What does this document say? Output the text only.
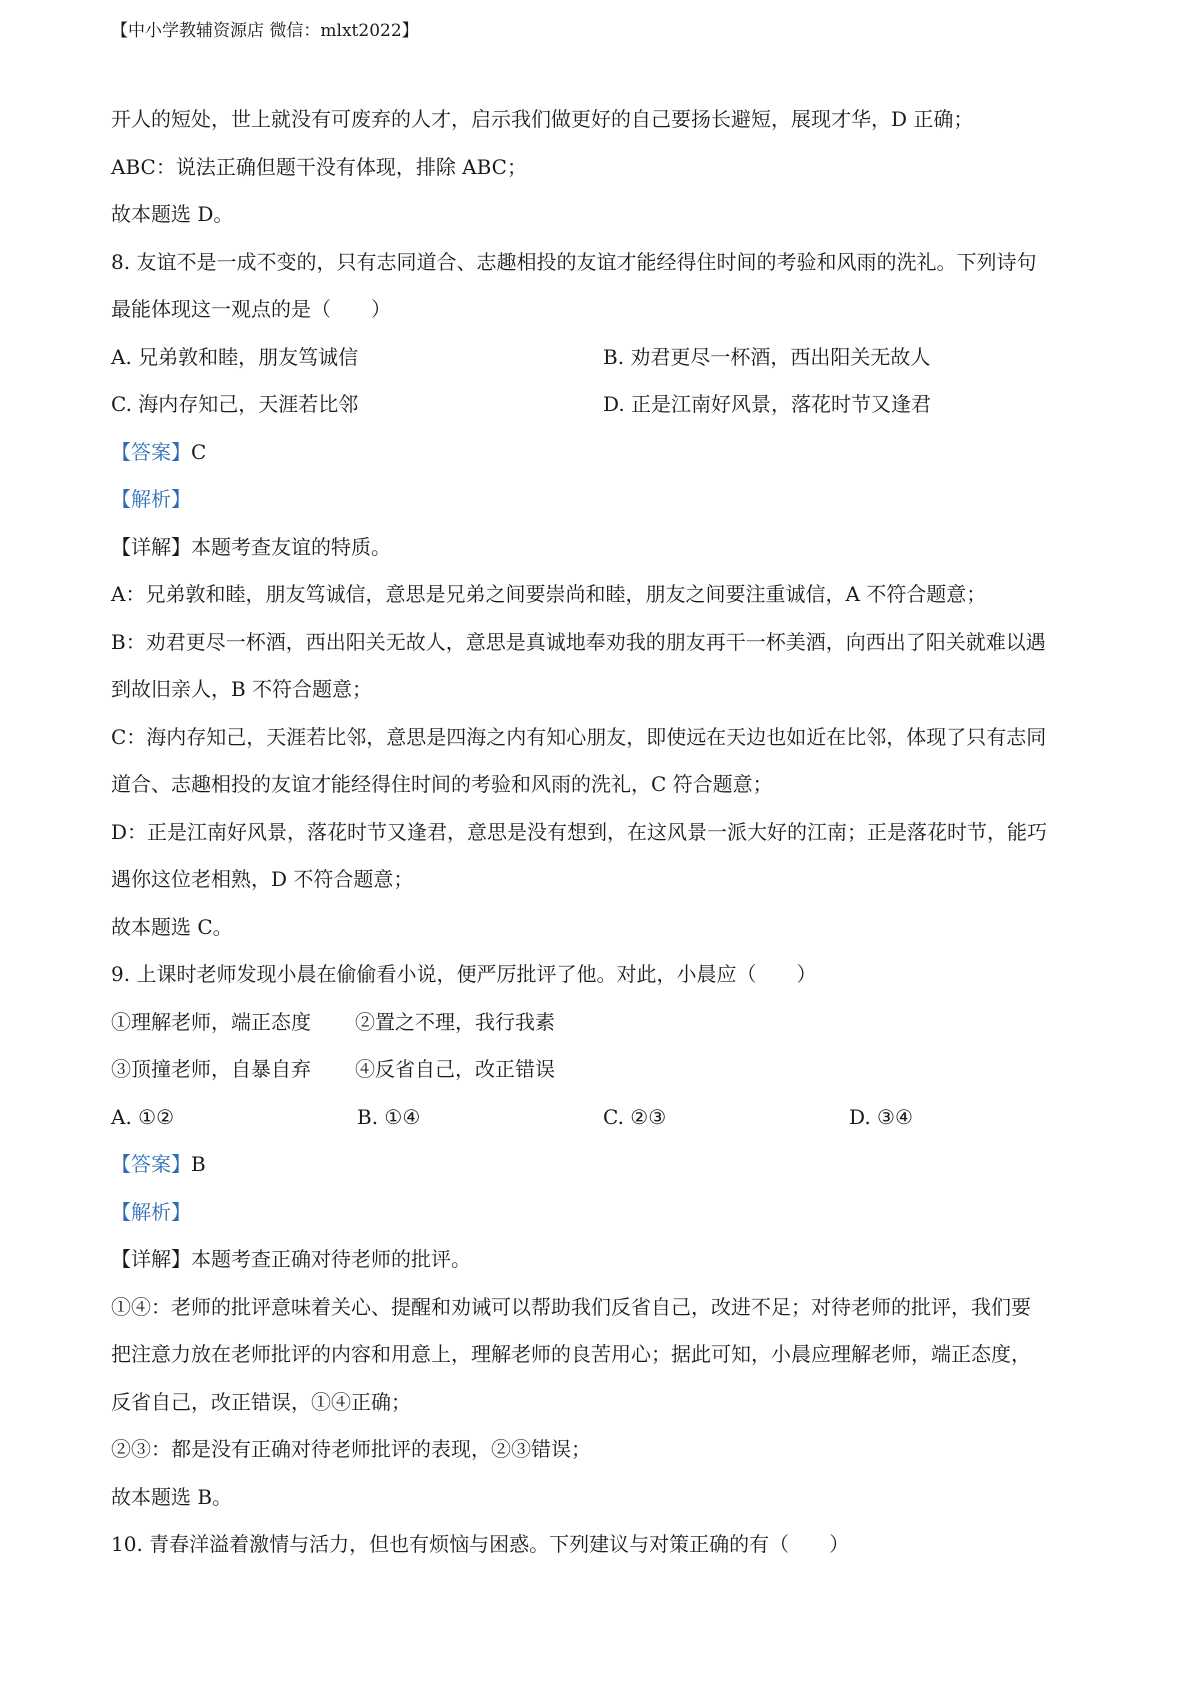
【中小学教辅资源店 微信：mlxt2022】
开人的短处，世上就没有可废弃的人才，启示我们做更好的自己要扬长避短，展现才华，D 正确；
ABC：说法正确但题干没有体现，排除 ABC；
故本题选 D。
8. 友谊不是一成不变的，只有志同道合、志趣相投的友谊才能经得住时间的考验和风雨的洗礼。下列诗句
最能体现这一观点的是（　　）
A. 兄弟敦和睦，朋友笃诚信	B. 劝君更尽一杯酒，西出阳关无故人
C. 海内存知己，天涯若比邻	D. 正是江南好风景，落花时节又逢君
【答案】C
【解析】
【详解】本题考查友谊的特质。
A：兄弟敦和睦，朋友笃诚信，意思是兄弟之间要崇尚和睦，朋友之间要注重诚信，A 不符合题意；
B：劝君更尽一杯酒，西出阳关无故人，意思是真诚地奉劝我的朋友再干一杯美酒，向西出了阳关就难以遇
到故旧亲人，B 不符合题意；
C：海内存知己，天涯若比邻，意思是四海之内有知心朋友，即使远在天边也如近在比邻，体现了只有志同
道合、志趣相投的友谊才能经得住时间的考验和风雨的洗礼，C 符合题意；
D：正是江南好风景，落花时节又逢君，意思是没有想到，在这风景一派大好的江南；正是落花时节，能巧
遇你这位老相熟，D 不符合题意；
故本题选 C。
9. 上课时老师发现小晨在偷偷看小说，便严厉批评了他。对此，小晨应（　　）
①理解老师，端正态度 ②置之不理，我行我素
③顶撞老师，自暴自弃 ④反省自己，改正错误
A. ①②	B. ①④	C. ②③	D. ③④
【答案】B
【解析】
【详解】本题考查正确对待老师的批评。
①④：老师的批评意味着关心、提醒和劝诫可以帮助我们反省自己，改进不足；对待老师的批评，我们要
把注意力放在老师批评的内容和用意上，理解老师的良苦用心；据此可知，小晨应理解老师，端正态度，
反省自己，改正错误，①④正确；
②③：都是没有正确对待老师批评的表现，②③错误；
故本题选 B。
10. 青春洋溢着激情与活力，但也有烦恼与困惑。下列建议与对策正确的有（　　）
